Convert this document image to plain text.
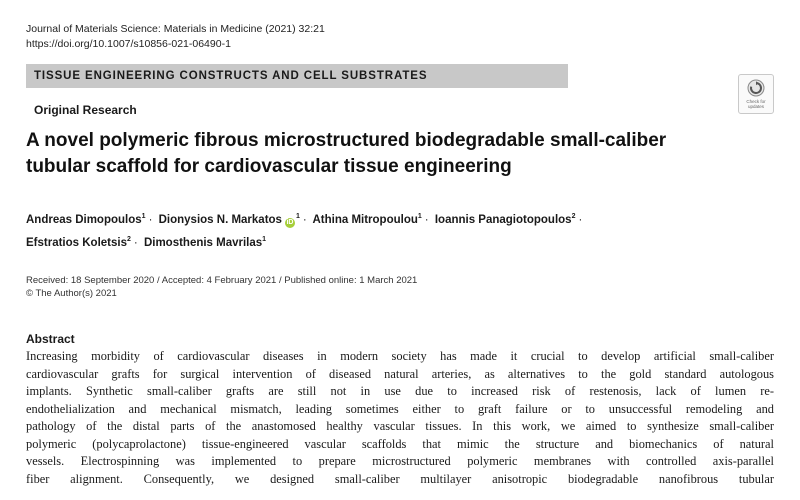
Journal of Materials Science: Materials in Medicine (2021) 32:21
https://doi.org/10.1007/s10856-021-06490-1
TISSUE ENGINEERING CONSTRUCTS AND CELL SUBSTRATES
Check for updates
Original Research
A novel polymeric fibrous microstructured biodegradable small-caliber tubular scaffold for cardiovascular tissue engineering
Andreas Dimopoulos$^1$ · Dionysios N. Markatos $iD^1$ · Athina Mitropoulou$^1$ · Ioannis Panagiotopoulos$^2$ ·
Efstratios Koletsis$^2$ · Dimosthenis Mavrilas$^1$
Received: 18 September 2020 / Accepted: 4 February 2021 / Published online: 1 March 2021
© The Author(s) 2021
Abstract

Increasing morbidity of cardiovascular diseases in modern society has made it crucial to develop artificial small-caliber

cardiovascular grafts for surgical intervention of diseased natural arteries, as alternatives to the gold standard autologous

implants. Synthetic small-caliber grafts are still not in use due to increased risk of restenosis, lack of lumen re-

endothelialization and mechanical mismatch, leading sometimes either to graft failure or to unsuccessful remodeling and

pathology of the distal parts of the anastomosed healthy vascular tissues. In this work, we aimed to synthesize small-caliber

polymeric (polycaprolactone) tissue-engineered vascular scaffolds that mimic the structure and biomechanics of natural

vessels. Electrospinning was implemented to prepare microstructured polymeric membranes with controlled axis-parallel

fiber alignment. Consequently, we designed small-caliber multilayer anisotropic biodegradable nanofibrous tubular
